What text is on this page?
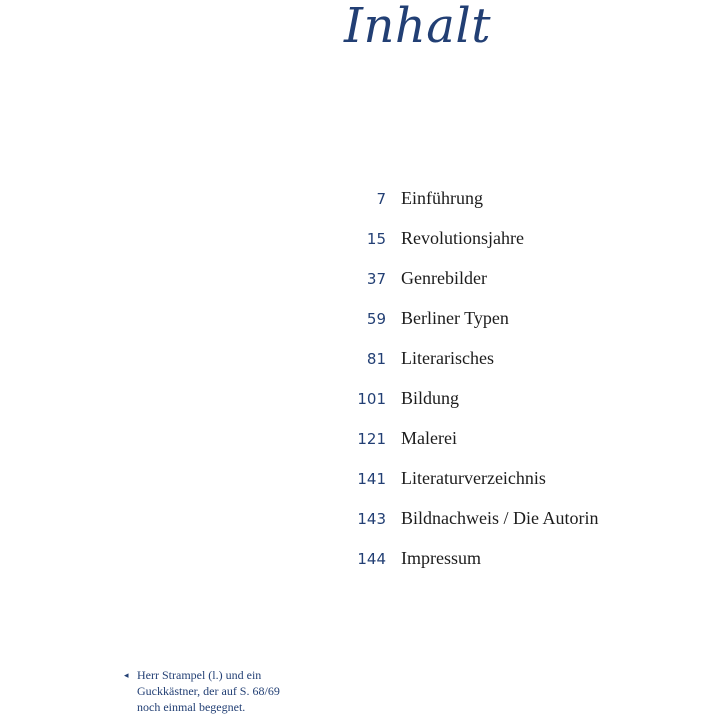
Inhalt
7 Einführung
15 Revolutionsjahre
37 Genrebilder
59 Berliner Typen
81 Literarisches
101 Bildung
121 Malerei
141 Literaturverzeichnis
143 Bildnachweis / Die Autorin
144 Impressum
◂ Herr Strampel (l.) und ein
Guckkästner, der auf S. 68/69
noch einmal begegnet.
